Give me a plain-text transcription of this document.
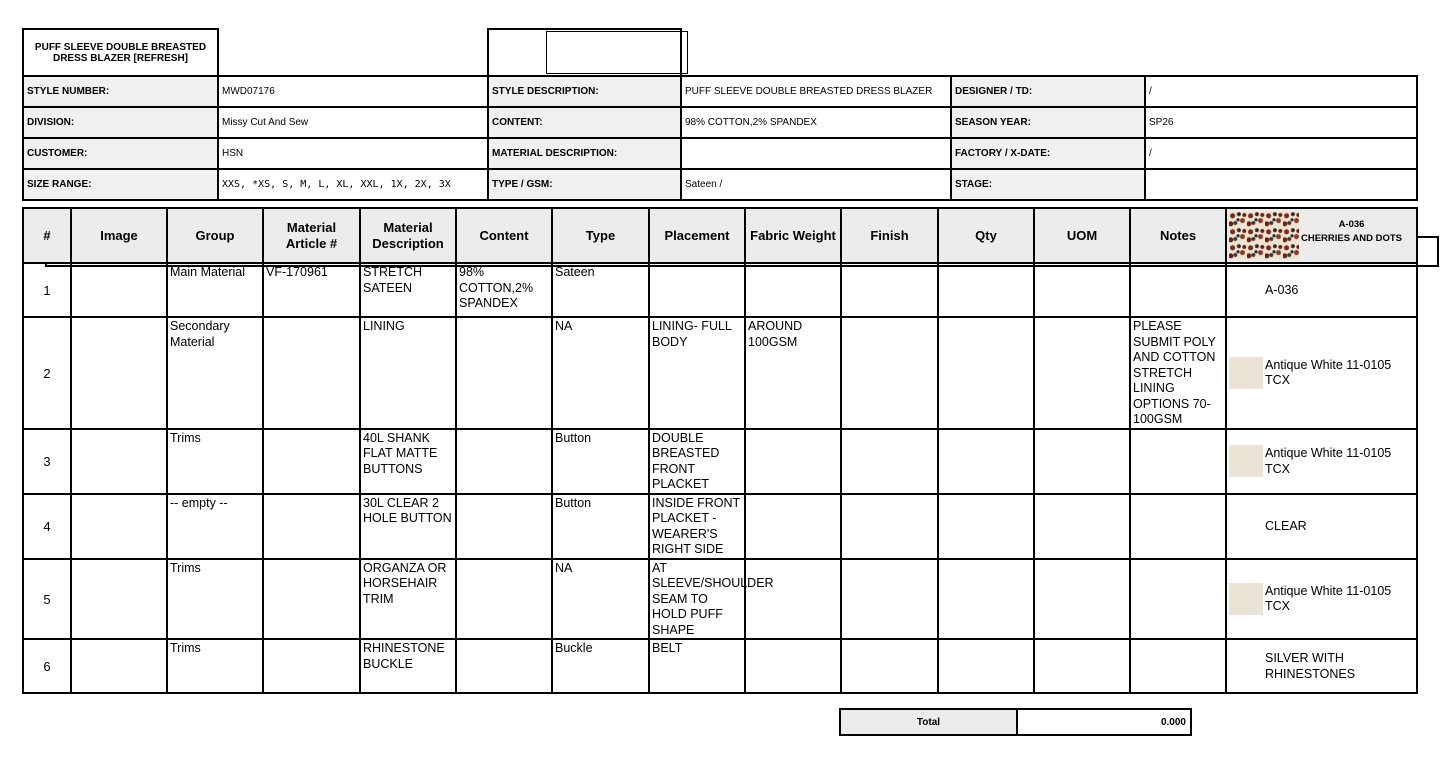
PUFF SLEEVE DOUBLE BREASTED DRESS BLAZER [REFRESH]	

STYLE NUMBER:	MWD07176	STYLE DESCRIPTION:	PUFF SLEEVE DOUBLE BREASTED DRESS BLAZER	DESIGNER / TD:	/
DIVISION:	Missy Cut And Sew	CONTENT:	98% COTTON,2% SPANDEX	SEASON YEAR:	SP26
CUSTOMER:	HSN	MATERIAL DESCRIPTION:		FACTORY / X-DATE:	/
SIZE RANGE:	XXS, *XS, S, M, L, XL, XXL, 1X, 2X, 3X	TYPE / GSM:	Sateen /	STAGE:	
#	Image	Group	Material Article #	Material Description	Content	Type	Placement	Fabric Weight	Finish	Qty	UOM	Notes	A-036
CHERRIES AND DOTS

1		Main Material	VF-170961	STRETCH SATEEN	98% COTTON,2% SPANDEX	Sateen							A-036
2		Secondary Material		LINING		NA	LINING- FULL BODY	AROUND 100GSM				PLEASE SUBMIT POLY AND COTTON STRETCH LINING OPTIONS 70-100GSM	Antique White 11-0105 TCX
3		Trims		40L SHANK FLAT MATTE BUTTONS		Button	DOUBLE BREASTED FRONT PLACKET						Antique White 11-0105 TCX
4		-- empty --		30L CLEAR 2 HOLE BUTTON		Button	INSIDE FRONT PLACKET - WEARER'S RIGHT SIDE						CLEAR
5		Trims		ORGANZA OR HORSEHAIR TRIM		NA	AT SLEEVE/SHOULDER SEAM TO HOLD PUFF SHAPE						Antique White 11-0105 TCX
6		Trims		RHINESTONE BUCKLE		Buckle	BELT						SILVER WITH RHINESTONES
Total	0.000
